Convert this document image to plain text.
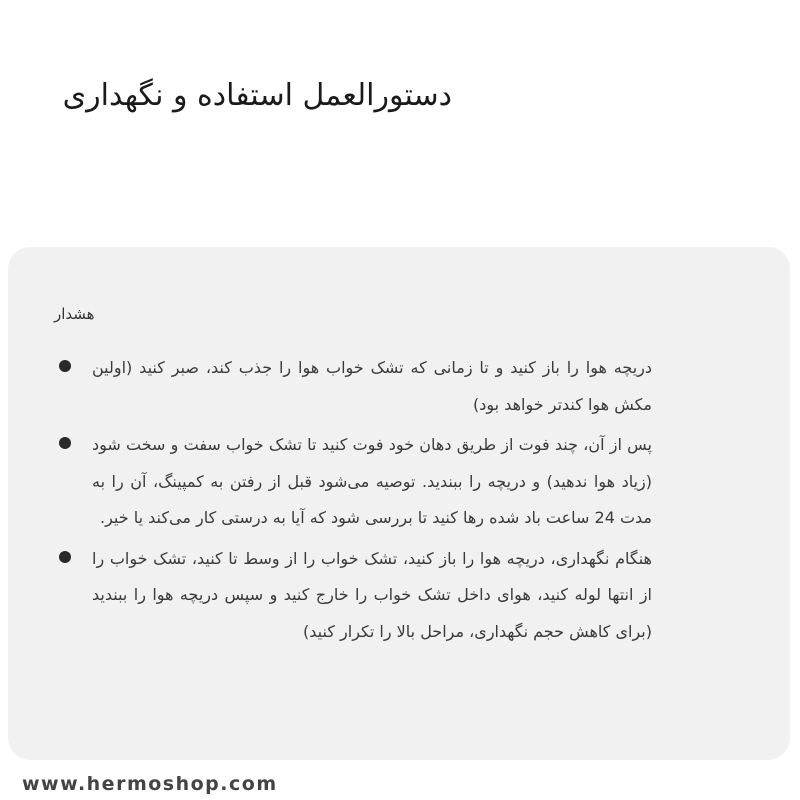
دستورالعمل استفاده و نگهداری
هشدار
دریچه هوا را باز کنید و تا زمانی که تشک خواب هوا را جذب کند، صبر کنید (اولین مکش هوا کندتر خواهد بود)
پس از آن، چند فوت از طریق دهان خود فوت کنید تا تشک خواب سفت و سخت شود (زیاد هوا ندهید) و دریچه را ببندید. توصیه می‌شود قبل از رفتن به کمپینگ، آن را به مدت 24 ساعت باد شده رها کنید تا بررسی شود که آیا به درستی کار می‌کند یا خیر.
هنگام نگهداری، دریچه هوا را باز کنید، تشک خواب را از وسط تا کنید، تشک خواب را از انتها لوله کنید، هوای داخل تشک خواب را خارج کنید و سپس دریچه هوا را ببندید (برای کاهش حجم نگهداری، مراحل بالا را تکرار کنید)
www.hermoshop.com
